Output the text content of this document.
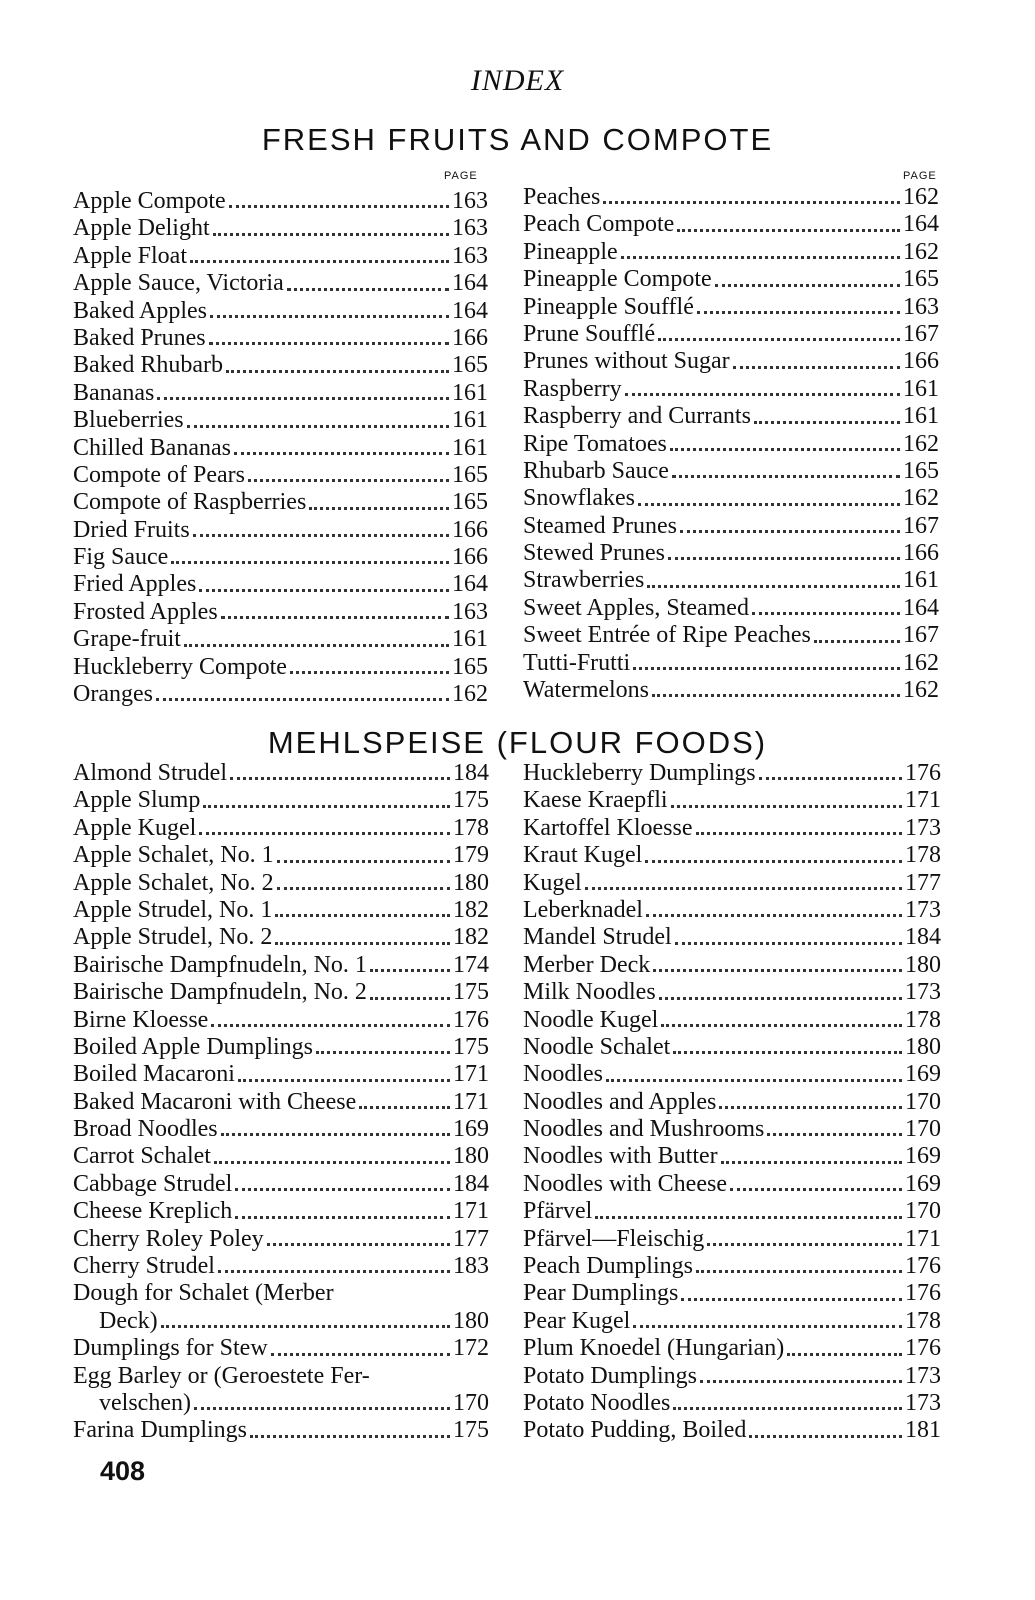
INDEX
FRESH FRUITS AND COMPOTE
PAGE	PAGE
Apple Compote	163
Apple Delight	163
Apple Float	163
Apple Sauce, Victoria	164
Baked Apples	164
Baked Prunes	166
Baked Rhubarb	165
Bananas	161
Blueberries	161
Chilled Bananas	161
Compote of Pears	165
Compote of Raspberries	165
Dried Fruits	166
Fig Sauce	166
Fried Apples	164
Frosted Apples	163
Grape-fruit	161
Huckleberry Compote	165
Oranges	162
Peaches	162
Peach Compote	164
Pineapple	162
Pineapple Compote	165
Pineapple Soufflé	163
Prune Soufflé	167
Prunes without Sugar	166
Raspberry	161
Raspberry and Currants	161
Ripe Tomatoes	162
Rhubarb Sauce	165
Snowflakes	162
Steamed Prunes	167
Stewed Prunes	166
Strawberries	161
Sweet Apples, Steamed	164
Sweet Entrée of Ripe Peaches	167
Tutti-Frutti	162
Watermelons	162
MEHLSPEISE (FLOUR FOODS)
Almond Strudel	184
Apple Slump	175
Apple Kugel	178
Apple Schalet, No. 1	179
Apple Schalet, No. 2	180
Apple Strudel, No. 1	182
Apple Strudel, No. 2	182
Bairische Dampfnudeln, No. 1	174
Bairische Dampfnudeln, No. 2	175
Birne Kloesse	176
Boiled Apple Dumplings	175
Boiled Macaroni	171
Baked Macaroni with Cheese	171
Broad Noodles	169
Carrot Schalet	180
Cabbage Strudel	184
Cheese Kreplich	171
Cherry Roley Poley	177
Cherry Strudel	183
Dough for Schalet (Merber
Deck)	180
Dumplings for Stew	172
Egg Barley or (Geroestete Fer-
velschen)	170
Farina Dumplings	175
Huckleberry Dumplings	176
Kaese Kraepfli	171
Kartoffel Kloesse	173
Kraut Kugel	178
Kugel	177
Leberknadel	173
Mandel Strudel	184
Merber Deck	180
Milk Noodles	173
Noodle Kugel	178
Noodle Schalet	180
Noodles	169
Noodles and Apples	170
Noodles and Mushrooms	170
Noodles with Butter	169
Noodles with Cheese	169
Pfärvel	170
Pfärvel—Fleischig	171
Peach Dumplings	176
Pear Dumplings	176
Pear Kugel	178
Plum Knoedel (Hungarian)	176
Potato Dumplings	173
Potato Noodles	173
Potato Pudding, Boiled	181
408
